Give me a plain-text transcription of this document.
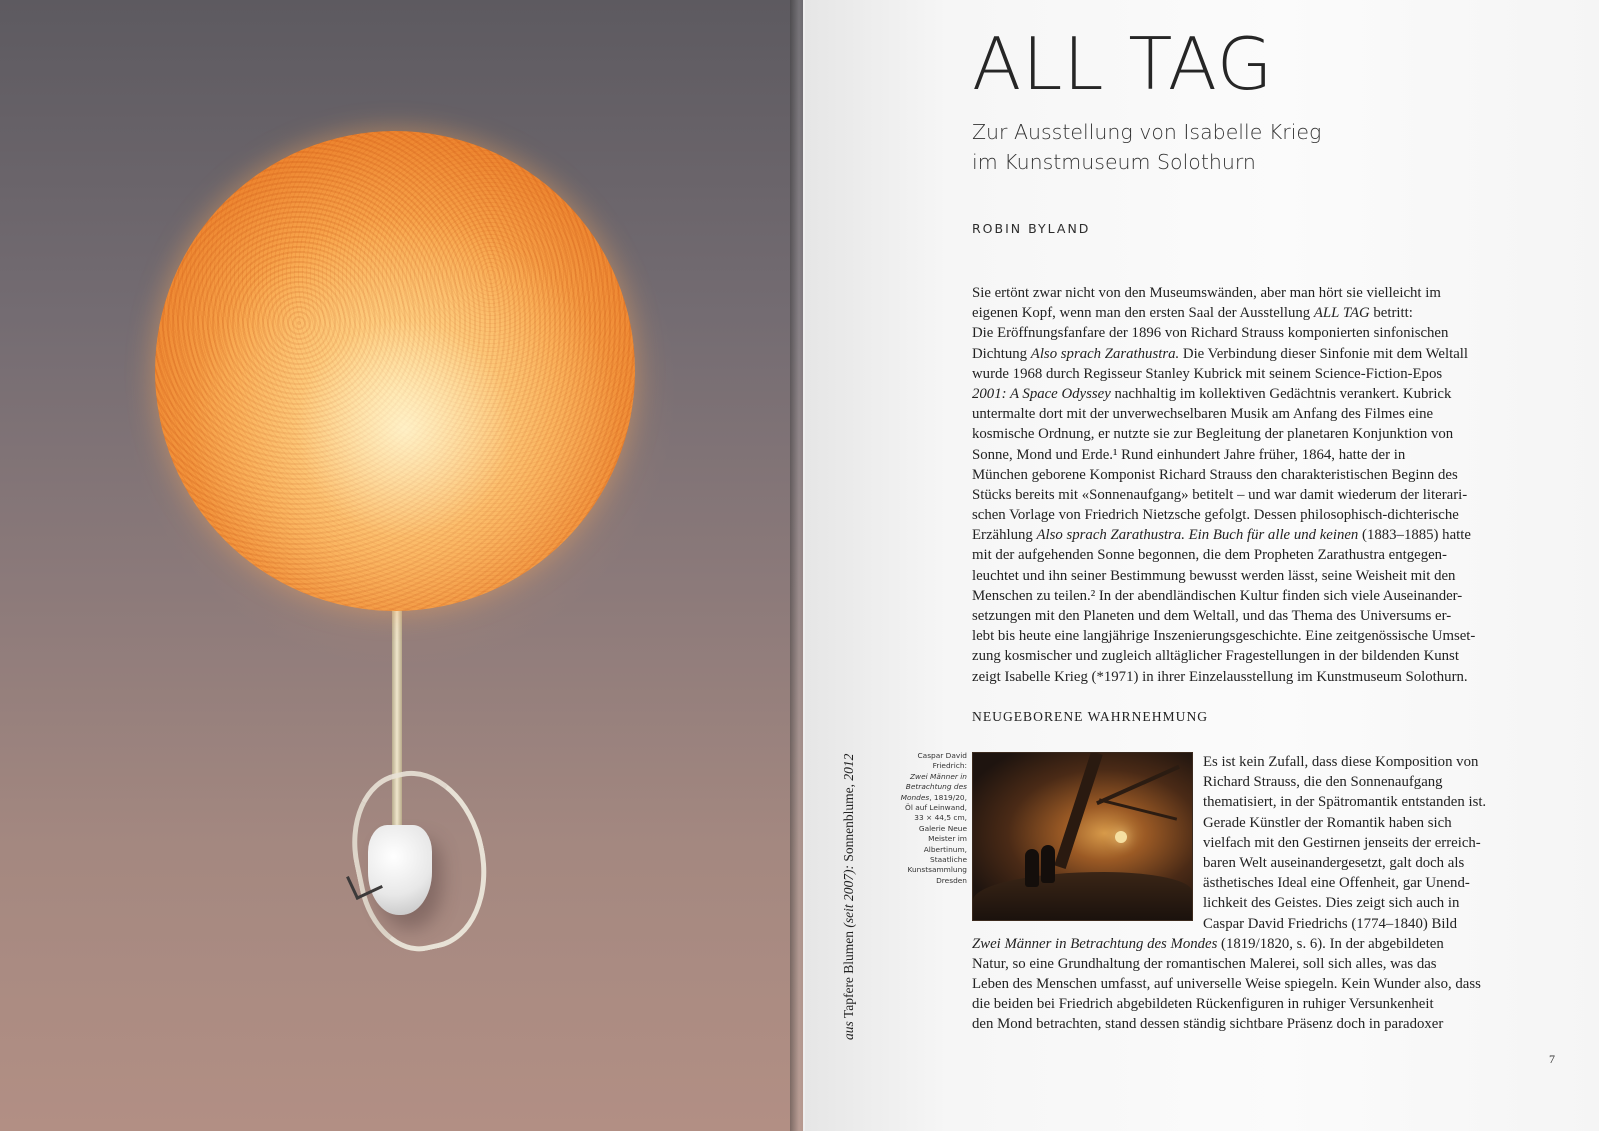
ALL TAG
Zur Ausstellung von Isabelle Krieg
im Kunstmuseum Solothurn
ROBIN BYLAND
Sie ertönt zwar nicht von den Museumswänden, aber man hört sie vielleicht im
eigenen Kopf, wenn man den ersten Saal der Ausstellung ALL TAG betritt:
Die Eröffnungsfanfare der 1896 von Richard Strauss komponierten sinfonischen
Dichtung Also sprach Zarathustra. Die Verbindung dieser Sinfonie mit dem Weltall
wurde 1968 durch Regisseur Stanley Kubrick mit seinem Science-Fiction-Epos
2001: A Space Odyssey nachhaltig im kollektiven Gedächtnis verankert. Kubrick
untermalte dort mit der unverwechselbaren Musik am Anfang des Filmes eine
kosmische Ordnung, er nutzte sie zur Begleitung der planetaren Konjunktion von
Sonne, Mond und Erde.¹ Rund einhundert Jahre früher, 1864, hatte der in
München geborene Komponist Richard Strauss den charakteristischen Beginn des
Stücks bereits mit «Sonnenaufgang» betitelt – und war damit wiederum der literari-
schen Vorlage von Friedrich Nietzsche gefolgt. Dessen philosophisch-dichterische
Erzählung Also sprach Zarathustra. Ein Buch für alle und keinen (1883–1885) hatte
mit der aufgehenden Sonne begonnen, die dem Propheten Zarathustra entgegen-
leuchtet und ihn seiner Bestimmung bewusst werden lässt, seine Weisheit mit den
Menschen zu teilen.² In der abendländischen Kultur finden sich viele Auseinander-
setzungen mit den Planeten und dem Weltall, und das Thema des Universums er-
lebt bis heute eine langjährige Inszenierungsgeschichte. Eine zeitgenössische Umset-
zung kosmischer und zugleich alltäglicher Fragestellungen in der bildenden Kunst
zeigt Isabelle Krieg (*1971) in ihrer Einzelausstellung im Kunstmuseum Solothurn.
NEUGEBORENE WAHRNEHMUNG
Caspar David
Friedrich:
Zwei Männer in
Betrachtung des
Mondes, 1819/20,
Öl auf Leinwand,
33 × 44,5 cm,
Galerie Neue
Meister im
Albertinum,
Staatliche
Kunstsammlung
Dresden
Es ist kein Zufall, dass diese Komposition von
Richard Strauss, die den Sonnenaufgang
thematisiert, in der Spätromantik entstanden ist.
Gerade Künstler der Romantik haben sich
vielfach mit den Gestirnen jenseits der erreich-
baren Welt auseinandergesetzt, galt doch als
ästhetisches Ideal eine Offenheit, gar Unend-
lichkeit des Geistes. Dies zeigt sich auch in
Caspar David Friedrichs (1774–1840) Bild
Zwei Männer in Betrachtung des Mondes (1819/1820, s. 6). In der abgebildeten
Natur, so eine Grundhaltung der romantischen Malerei, soll sich alles, was das
Leben des Menschen umfasst, auf universelle Weise spiegeln. Kein Wunder also, dass
die beiden bei Friedrich abgebildeten Rückenfiguren in ruhiger Versunkenheit
den Mond betrachten, stand dessen ständig sichtbare Präsenz doch in paradoxer
aus Tapfere Blumen (seit 2007): Sonnenblume, 2012
7
